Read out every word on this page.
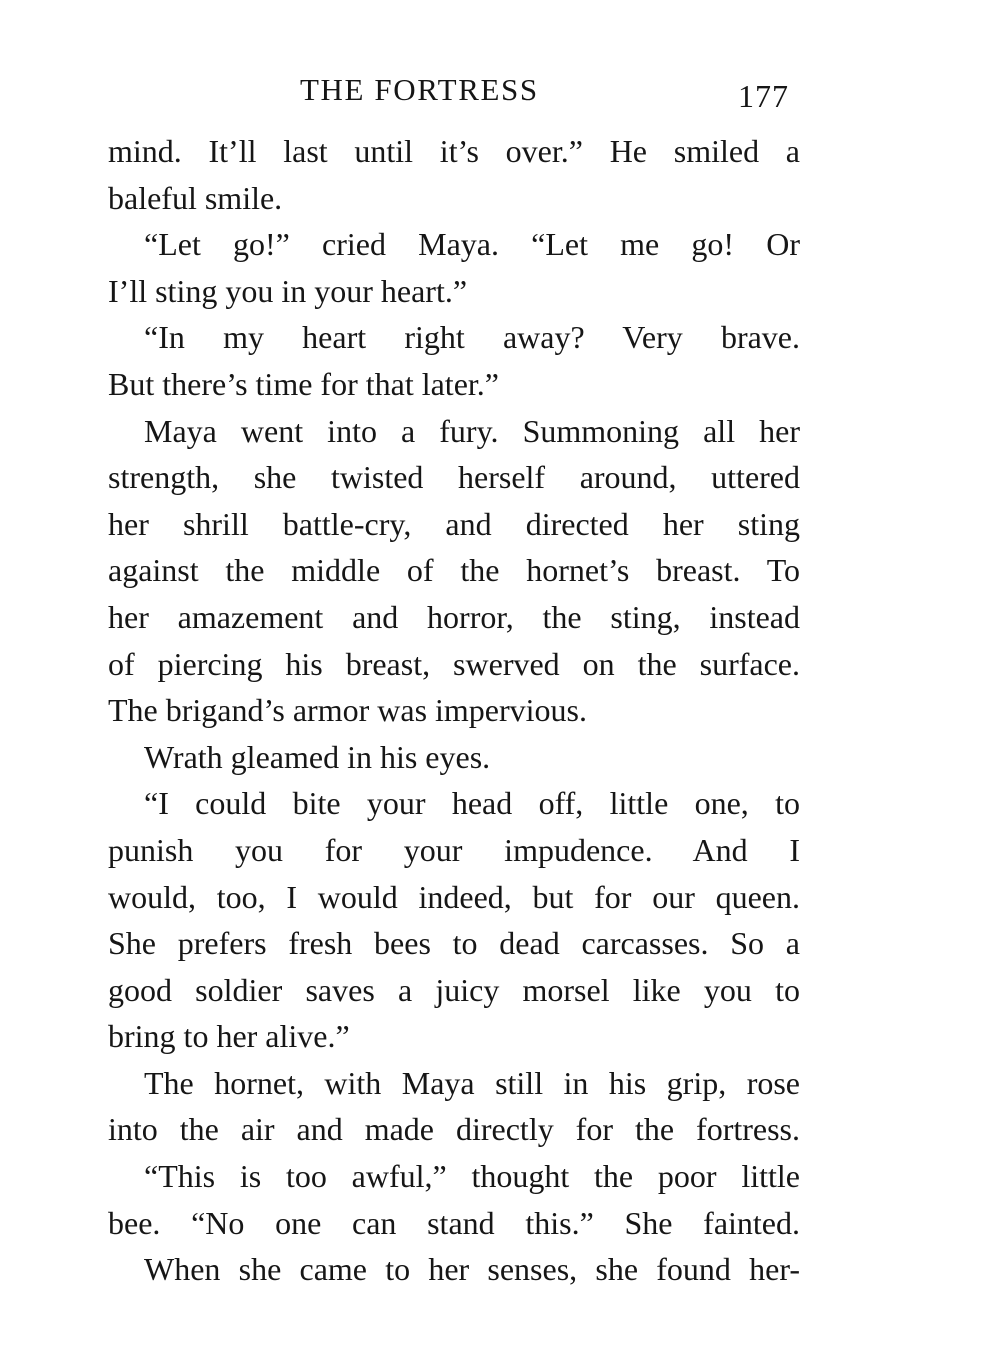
THE FORTRESS	177
mind. It’ll last until it’s over.” He smiled a
baleful smile.
“Let go!” cried Maya. “Let me go! Or
I’ll sting you in your heart.”
“In my heart right away? Very brave.
But there’s time for that later.”
Maya went into a fury. Summoning all her
strength, she twisted herself around, uttered
her shrill battle-cry, and directed her sting
against the middle of the hornet’s breast. To
her amazement and horror, the sting, instead
of piercing his breast, swerved on the surface.
The brigand’s armor was impervious.
Wrath gleamed in his eyes.
“I could bite your head off, little one, to
punish you for your impudence. And I
would, too, I would indeed, but for our queen.
She prefers fresh bees to dead carcasses. So a
good soldier saves a juicy morsel like you to
bring to her alive.”
The hornet, with Maya still in his grip, rose
into the air and made directly for the fortress.
“This is too awful,” thought the poor little
bee. “No one can stand this.” She fainted.
When she came to her senses, she found her-
